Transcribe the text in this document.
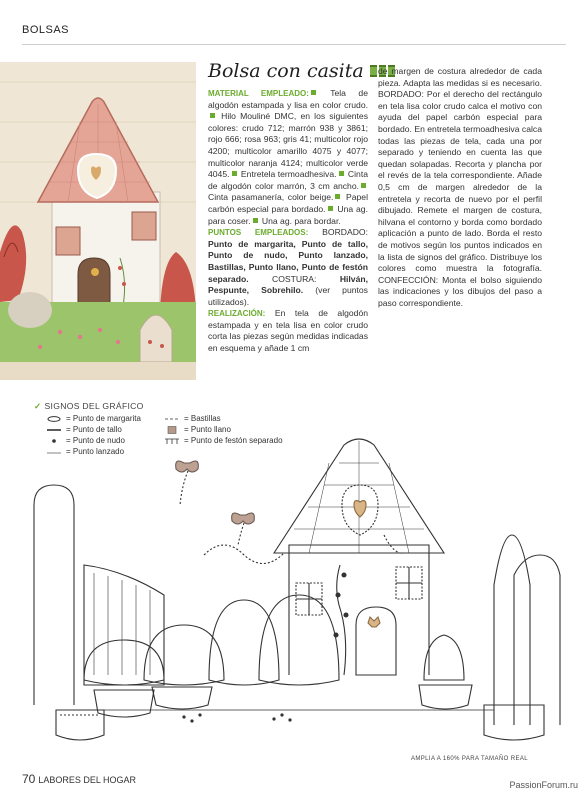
BOLSAS
Bolsa con casita
MATERIAL EMPLEADO: Tela de algodón estampada y lisa en color crudo. Hilo Mouliné DMC, en los siguientes colores: crudo 712; marrón 938 y 3861; rojo 666; rosa 963; gris 41; multicolor rojo 4200; multicolor amarillo 4075 y 4077; multicolor naranja 4124; multicolor verde 4045. Entretela termoadhesiva. Cinta de algodón color marrón, 3 cm ancho. Cinta pasamanería, color beige. Papel carbón especial para bordado. Una ag. para coser. Una ag. para bordar.
PUNTOS EMPLEADOS: BORDADO: Punto de margarita, Punto de tallo, Punto de nudo, Punto lanzado, Bastillas, Punto llano, Punto de festón separado. COSTURA: Hilván, Pespunte, Sobrehilo. (ver puntos utilizados).
REALIZACIÓN: En tela de algodón estampada y en tela lisa en color crudo corta las piezas según medidas indicadas en esquema y añade 1 cm
de margen de costura alrededor de cada pieza. Adapta las medidas si es necesario. BORDADO: Por el derecho del rectángulo en tela lisa color crudo calca el motivo con ayuda del papel carbón especial para bordado. En entretela termoadhesiva calca todas las piezas de tela, cada una por separado y teniendo en cuenta las que quedan solapadas. Recorta y plancha por el revés de la tela correspondiente. Añade 0,5 cm de margen alrededor de la entretela y recorta de nuevo por el perfil dibujado. Remete el margen de costura, hilvana el contorno y borda como bordado aplicación a punto de lado. Borda el resto de motivos según los puntos indicados en la lista de signos del gráfico. Distribuye los colores como muestra la fotografía. CONFECCIÓN: Monta el bolso siguiendo las indicaciones y los dibujos del paso a paso correspondiente.
✓ SIGNOS DEL GRÁFICO
= Punto de margarita
= Punto de tallo
= Punto de nudo
= Punto lanzado
= Bastillas
= Punto llano
= Punto de festón separado
AMPLIA A 160% PARA TAMAÑO REAL
70 LABORES DEL HOGAR	PassionForum.ru
